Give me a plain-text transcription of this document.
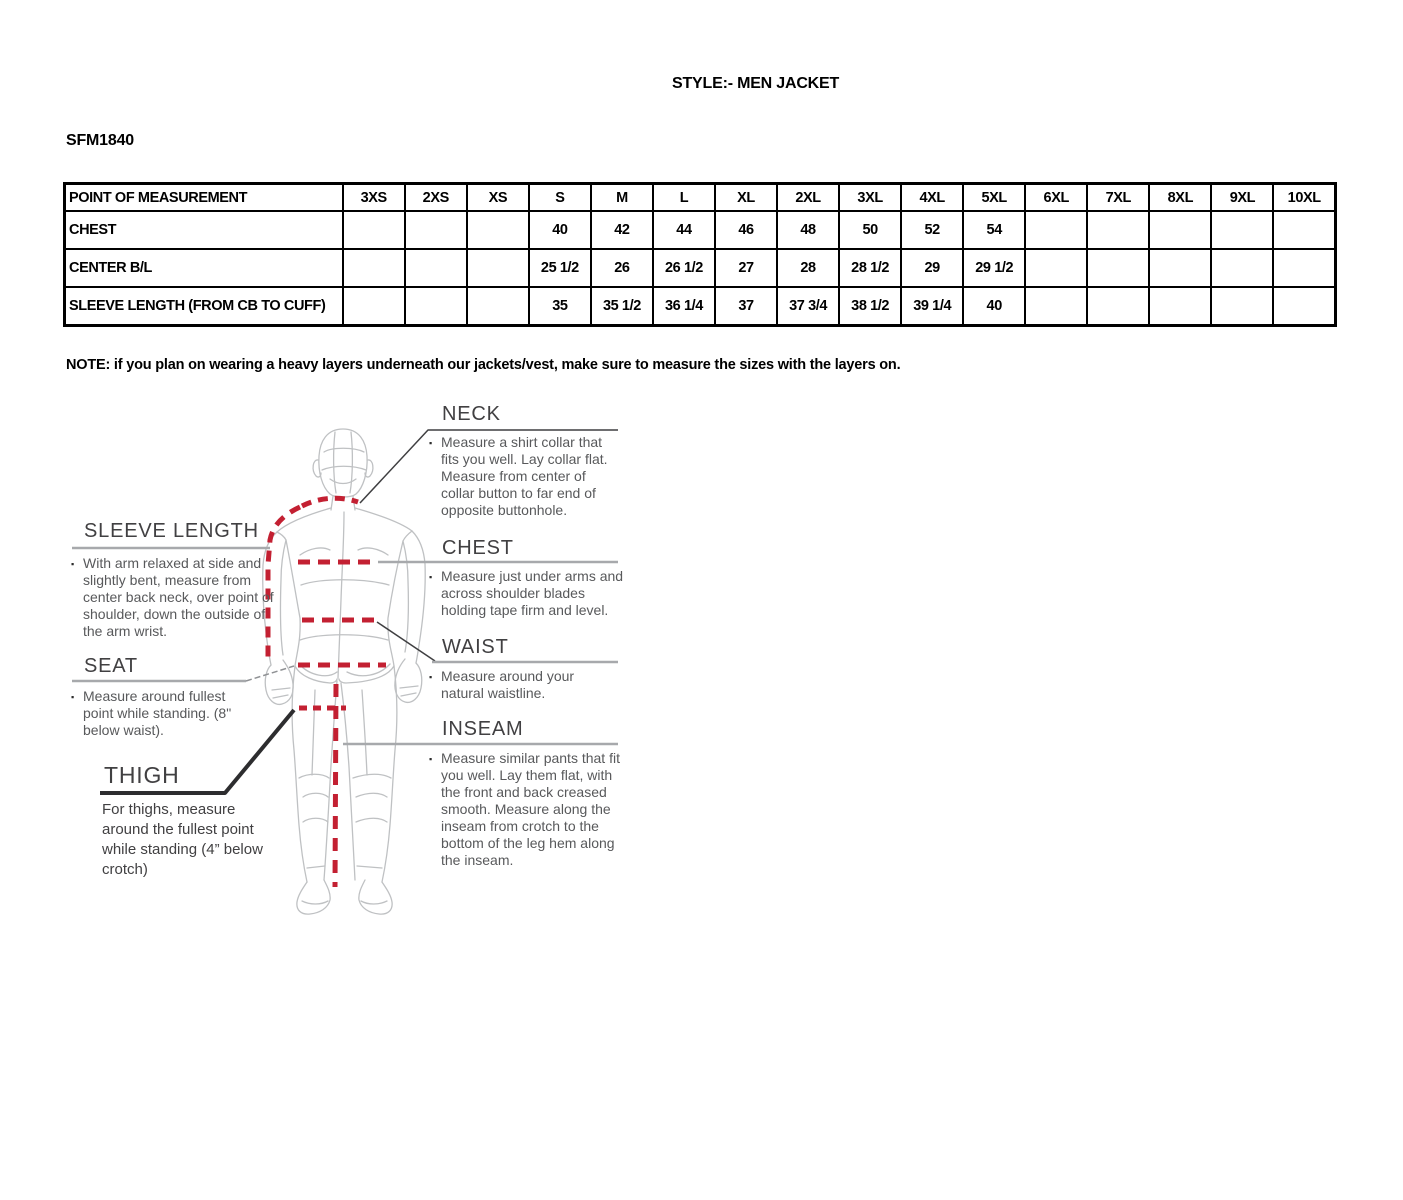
STYLE:- MEN JACKET
SFM1840
POINT OF MEASUREMENT	3XS	2XS	XS	S	M	L	XL	2XL	3XL	4XL	5XL	6XL	7XL	8XL	9XL	10XL
CHEST				40	42	44	46	48	50	52	54					
CENTER B/L				25 1/2	26	26 1/2	27	28	28 1/2	29	29 1/2					
SLEEVE LENGTH (FROM CB TO CUFF)				35	35 1/2	36 1/4	37	37 3/4	38 1/2	39 1/4	40					
NOTE: if you plan on wearing a heavy layers underneath our jackets/vest, make sure to measure the sizes with the layers on.
NECK
▪
Measure a shirt collar that fits you well. Lay collar flat. Measure from center of collar button to far end of opposite buttonhole.
CHEST
▪
Measure just under arms and across shoulder blades holding tape firm and level.
WAIST
▪
Measure around your natural waistline.
INSEAM
▪
Measure similar pants that fit you well. Lay them flat, with the front and back creased smooth. Measure along the inseam from crotch to the bottom of the leg hem along the inseam.
SLEEVE LENGTH
▪
With arm relaxed at side and slightly bent, measure from center back neck, over point of shoulder, down the outside of the arm wrist.
SEAT
▪
Measure around fullest point while standing. (8" below waist).
THIGH
For thighs, measure around the fullest point while standing (4” below crotch)
